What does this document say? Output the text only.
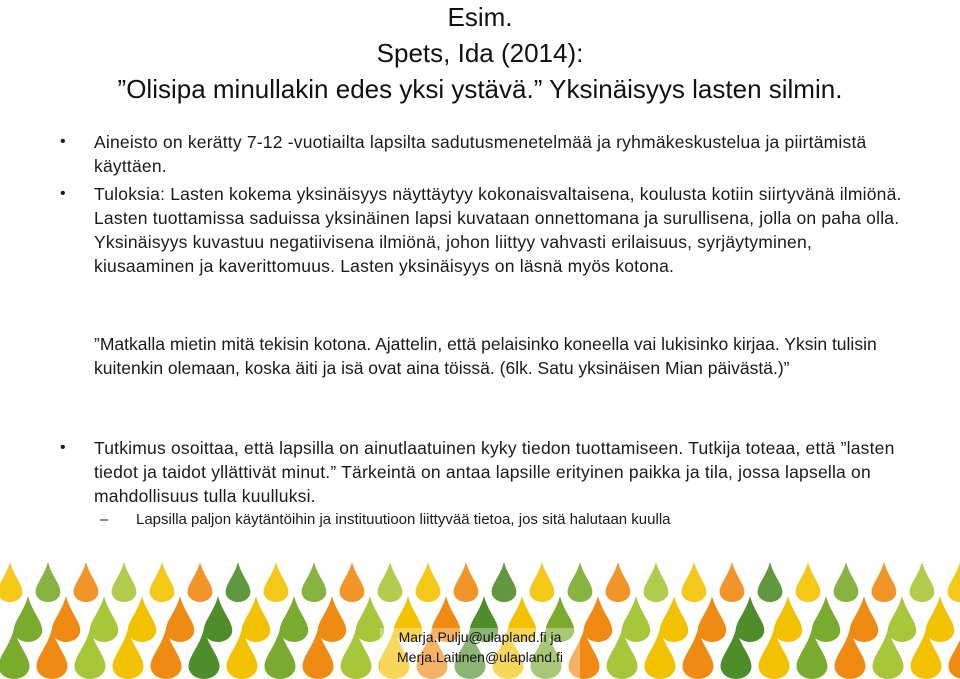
Esim.
Spets, Ida (2014):
”Olisipa minullakin edes yksi ystävä.” Yksinäisyys lasten silmin.
•	Aineisto on kerätty 7-12 -vuotiailta lapsilta sadutusmenetelmää ja ryhmäkeskustelua ja piirtämistä käyttäen.
•	Tuloksia: Lasten kokema yksinäisyys näyttäytyy kokonaisvaltaisena, koulusta kotiin siirtyvänä ilmiönä. Lasten tuottamissa saduissa yksinäinen lapsi kuvataan onnettomana ja surullisena, jolla on paha olla. Yksinäisyys kuvastuu negatiivisena ilmiönä, johon liittyy vahvasti erilaisuus, syrjäytyminen, kiusaaminen ja kaverittomuus. Lasten yksinäisyys on läsnä myös kotona.
”Matkalla mietin mitä tekisin kotona. Ajattelin, että pelaisinko koneella vai lukisinko kirjaa. Yksin tulisin kuitenkin olemaan, koska äiti ja isä ovat aina töissä. (6lk. Satu yksinäisen Mian päivästä.)”
•	Tutkimus osoittaa, että lapsilla on ainutlaatuinen kyky tiedon tuottamiseen. Tutkija toteaa, että ”lasten tiedot ja taidot yllättivät minut.” Tärkeintä on antaa lapsille erityinen paikka ja tila, jossa lapsella on mahdollisuus tulla kuulluksi.
–	Lapsilla paljon käytäntöihin ja instituutioon liittyvää tietoa, jos sitä halutaan kuulla
Marja.Pulju@ulapland.fi ja
Merja.Laitinen@ulapland.fi
